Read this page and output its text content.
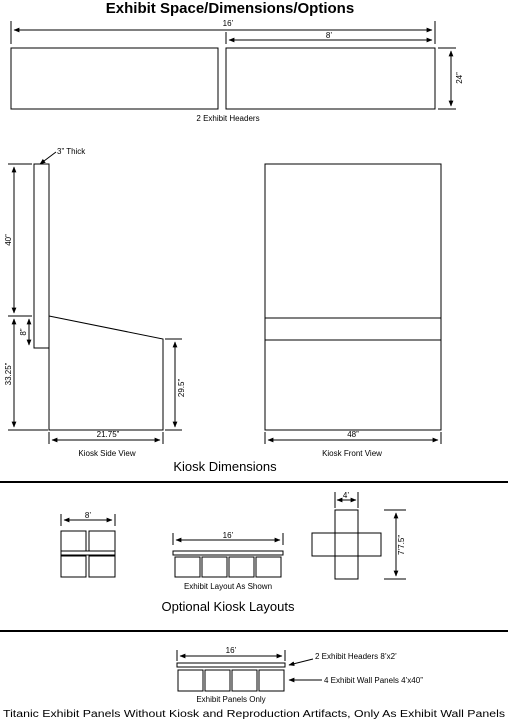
Exhibit Space/Dimensions/Options
16’
8’
24”
2 Exhibit Headers
3” Thick
40”
8”
33.25”
29.5”
21.75”
Kiosk Side View
48”
Kiosk Front View
Kiosk Dimensions
8’
16’
Exhibit Layout As Shown
4’
7’7.5”
Optional Kiosk Layouts
16’
2 Exhibit Headers 8’x2’
4 Exhibit Wall Panels 4’x40”
Exhibit Panels Only
Titanic Exhibit Panels Without Kiosk and Reproduction Artifacts, Only As Exhibit Wall Panels
